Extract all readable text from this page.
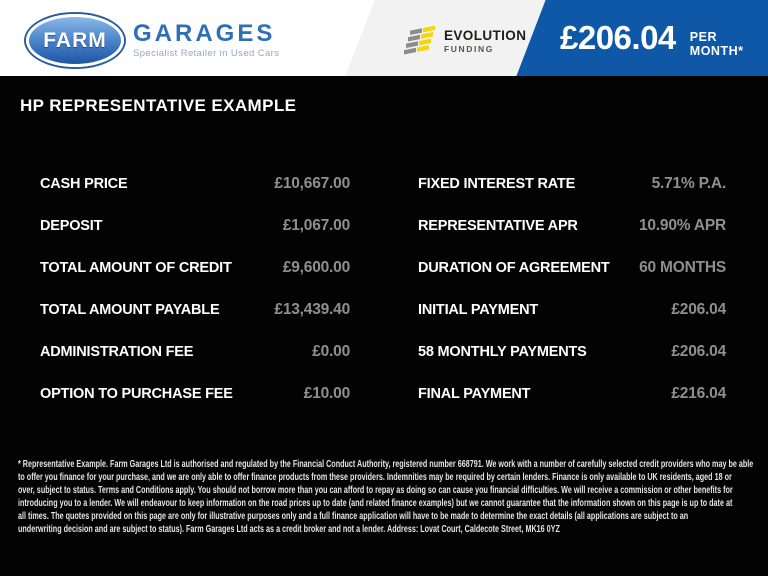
FARM GARAGES
Specialist Retailer in Used Cars
EVOLUTION
FUNDING	£206.04 PER MONTH*
HP REPRESENTATIVE EXAMPLE
CASH PRICE	£10,667.00
DEPOSIT	£1,067.00
TOTAL AMOUNT OF CREDIT	£9,600.00
TOTAL AMOUNT PAYABLE	£13,439.40
ADMINISTRATION FEE	£0.00
OPTION TO PURCHASE FEE	£10.00
FIXED INTEREST RATE	5.71% P.A.
REPRESENTATIVE APR	10.90% APR
DURATION OF AGREEMENT 60 MONTHS
INITIAL PAYMENT	£206.04
58 MONTHLY PAYMENTS	£206.04
FINAL PAYMENT	£216.04
* Representative Example. Farm Garages Ltd is authorised and regulated by the Financial Conduct Authority, registered number 668791. We work with a number of carefully selected credit providers who may be able
to offer you finance for your purchase, and we are only able to offer finance products from these providers. Indemnities may be required by certain lenders. Finance is only available to UK residents, aged 18 or
over, subject to status. Terms and Conditions apply. You should not borrow more than you can afford to repay as doing so can cause you financial difficulties. We will receive a commission or other benefits for
introducing you to a lender. We will endeavour to keep information on the road prices up to date (and related finance examples) but we cannot guarantee that the information shown on this page is up to date at
all times. The quotes provided on this page are only for illustrative purposes only and a full finance application will have to be made to determine the exact details (all applications are subject to an
underwriting decision and are subject to status). Farm Garages Ltd acts as a credit broker and not a lender. Address: Lovat Court, Caldecote Street, MK16 0YZ
